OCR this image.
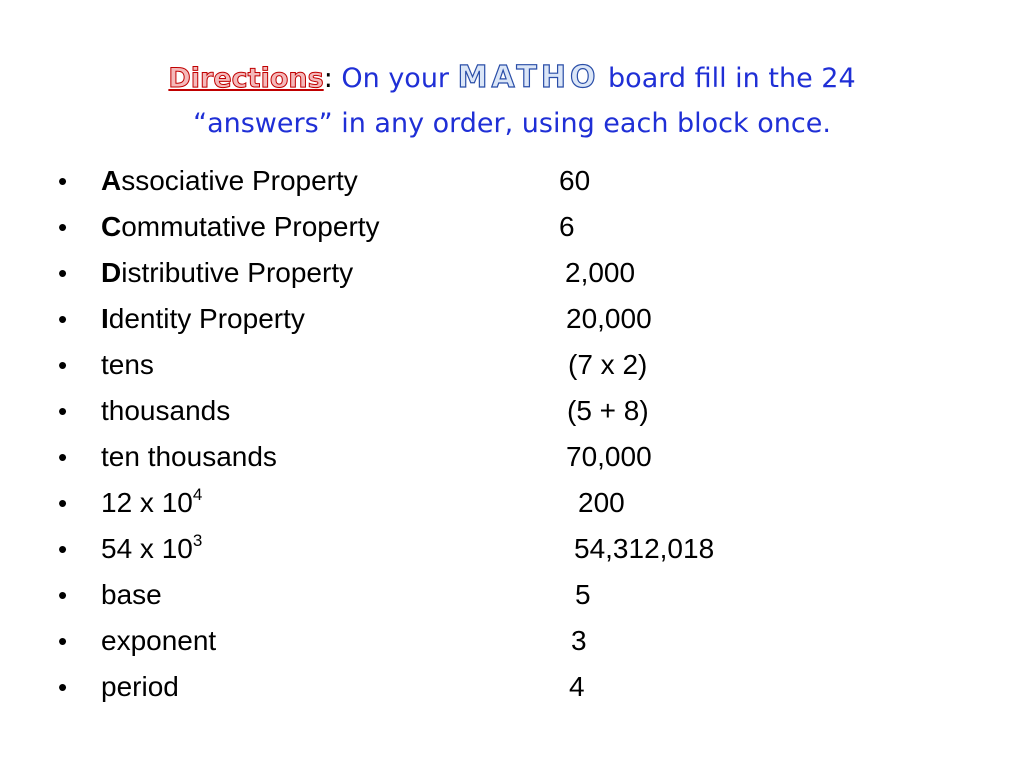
Directions: On your MATHO board fill in the 24
“answers” in any order, using each block once.
• Associative Property	60
• Commutative Property	6
• Distributive Property	2,000
• Identity Property	20,000
• tens	(7 x 2)
• thousands	(5 + 8)
• ten thousands	70,000
• 12 x $10^4$	200
• 54 x $10^3$	54,312,018
• base	5
• exponent	3
• period	4
